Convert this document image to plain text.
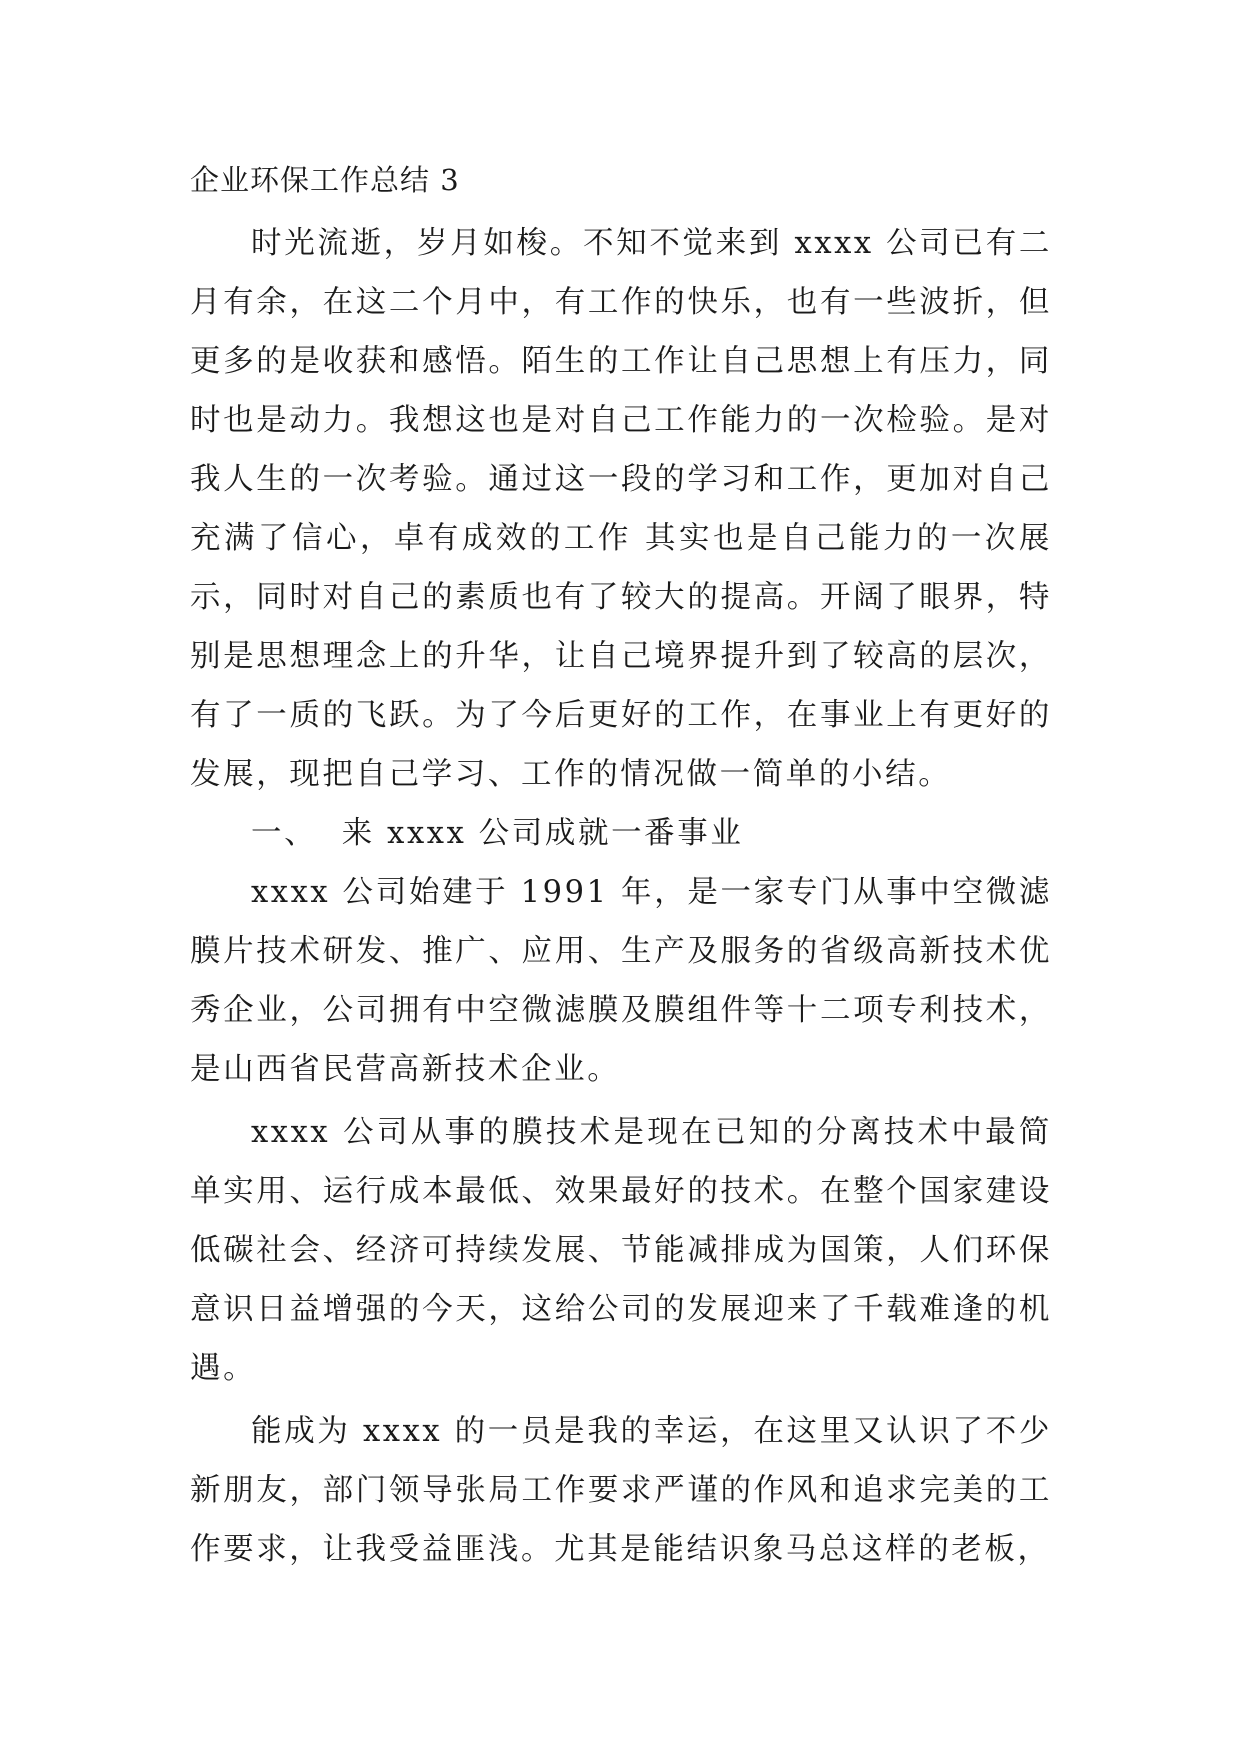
企业环保工作总结 3

时光流逝，岁月如梭。不知不觉来到 xxxx 公司已有二月有余，在这二个月中，有工作的快乐，也有一些波折，但更多的是收获和感悟。陌生的工作让自己思想上有压力，同时也是动力。我想这也是对自己工作能力的一次检验。是对我人生的一次考验。通过这一段的学习和工作，更加对自己充满了信心，卓有成效的工作 其实也是自己能力的一次展示，同时对自己的素质也有了较大的提高。开阔了眼界，特别是思想理念上的升华，让自己境界提升到了较高的层次，有了一质的飞跃。为了今后更好的工作，在事业上有更好的发展，现把自己学习、工作的情况做一简单的小结。

一、  来 xxxx 公司成就一番事业

xxxx 公司始建于 1991 年，是一家专门从事中空微滤膜片技术研发、推广、应用、生产及服务的省级高新技术优秀企业，公司拥有中空微滤膜及膜组件等十二项专利技术，是山西省民营高新技术企业。

xxxx 公司从事的膜技术是现在已知的分离技术中最简单实用、运行成本最低、效果最好的技术。在整个国家建设低碳社会、经济可持续发展、节能减排成为国策，人们环保意识日益增强的今天，这给公司的发展迎来了千载难逢的机遇。

能成为 xxxx 的一员是我的幸运，在这里又认识了不少新朋友，部门领导张局工作要求严谨的作风和追求完美的工作要求，让我受益匪浅。尤其是能结识象马总这样的老板，
